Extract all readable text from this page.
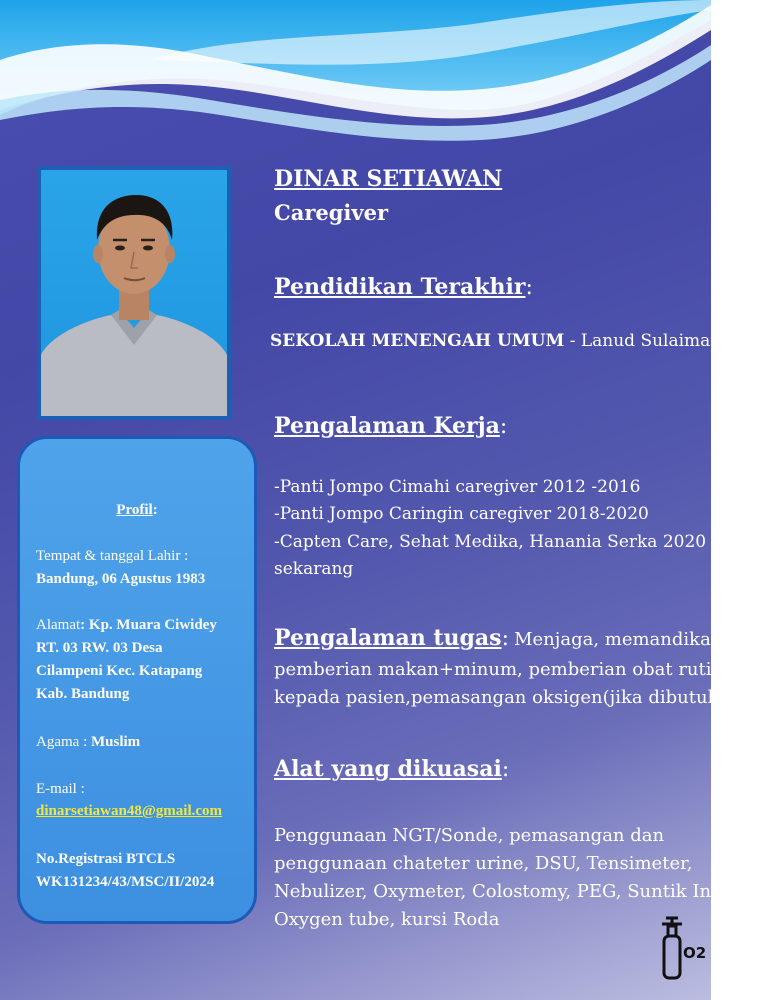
Profil:
Tempat & tanggal Lahir :
Bandung, 06 Agustus 1983
Alamat: Kp. Muara Ciwidey
RT. 03 RW. 03 Desa
Cilampeni Kec. Katapang
Kab. Bandung
Agama : Muslim
E-mail :
dinarsetiawan48@gmail.com
No.Registrasi BTCLS
WK131234/43/MSC/II/2024
DINAR SETIAWAN
Caregiver
Pendidikan Terakhir:
SEKOLAH MENENGAH UMUM - Lanud Sulaiman
Pengalaman Kerja:
-Panti Jompo Cimahi caregiver 2012 -2016
-Panti Jompo Caringin caregiver 2018-2020
-Capten Care, Sehat Medika, Hanania Serka 2020 -
sekarang
Pengalaman tugas: Menjaga, memandikan,
pemberian makan+minum, pemberian obat rutin
kepada pasien,pemasangan oksigen(jika dibutuhkan)
Alat yang dikuasai:
Penggunaan NGT/Sonde, pemasangan dan
penggunaan chateter urine, DSU, Tensimeter,
Nebulizer, Oxymeter, Colostomy, PEG, Suntik Insulin,
Oxygen tube, kursi Roda
O2
